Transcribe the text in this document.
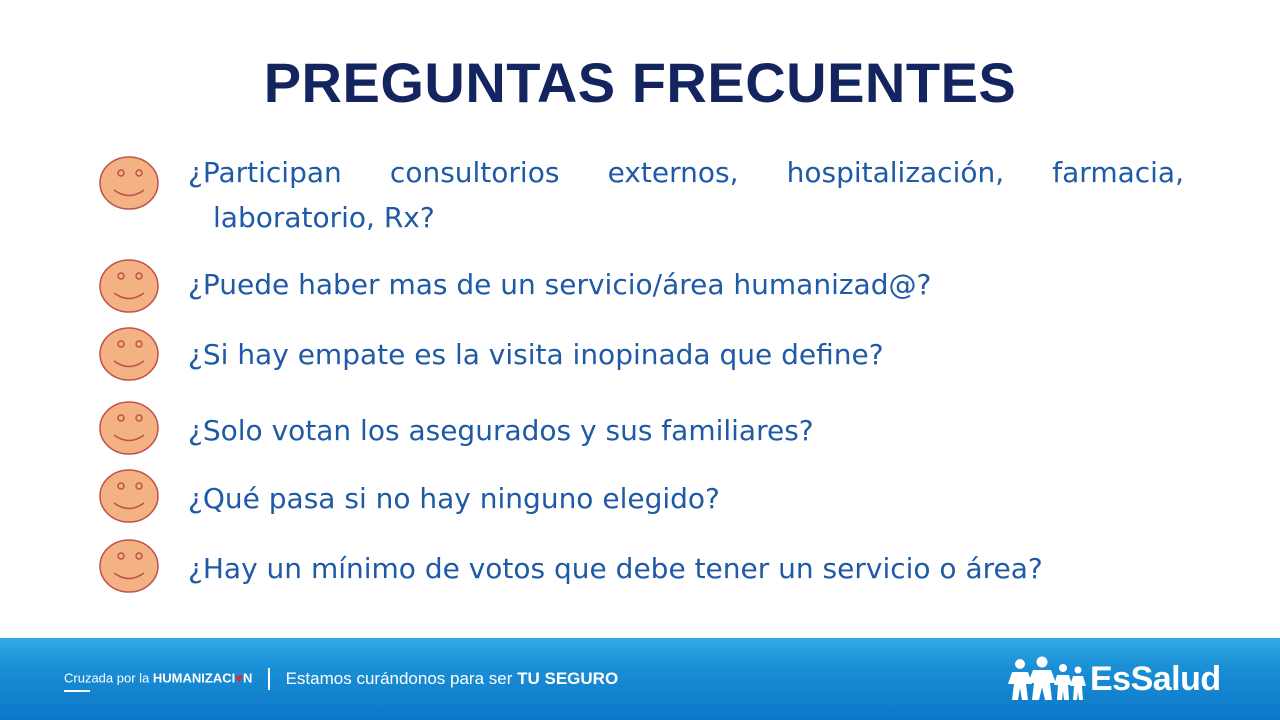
PREGUNTAS FRECUENTES
¿Participan consultorios externos, hospitalización, farmacia,
laboratorio, Rx?
¿Puede haber mas de un servicio/área humanizad@?
¿Si hay empate es la visita inopinada que define?
¿Solo votan los asegurados y sus familiares?
¿Qué pasa si no hay ninguno elegido?
¿Hay un mínimo de votos que debe tener un servicio o área?
Cruzada por la HUMANIZACI♥N Estamos curándonos para ser TU SEGURO	EsSalud
